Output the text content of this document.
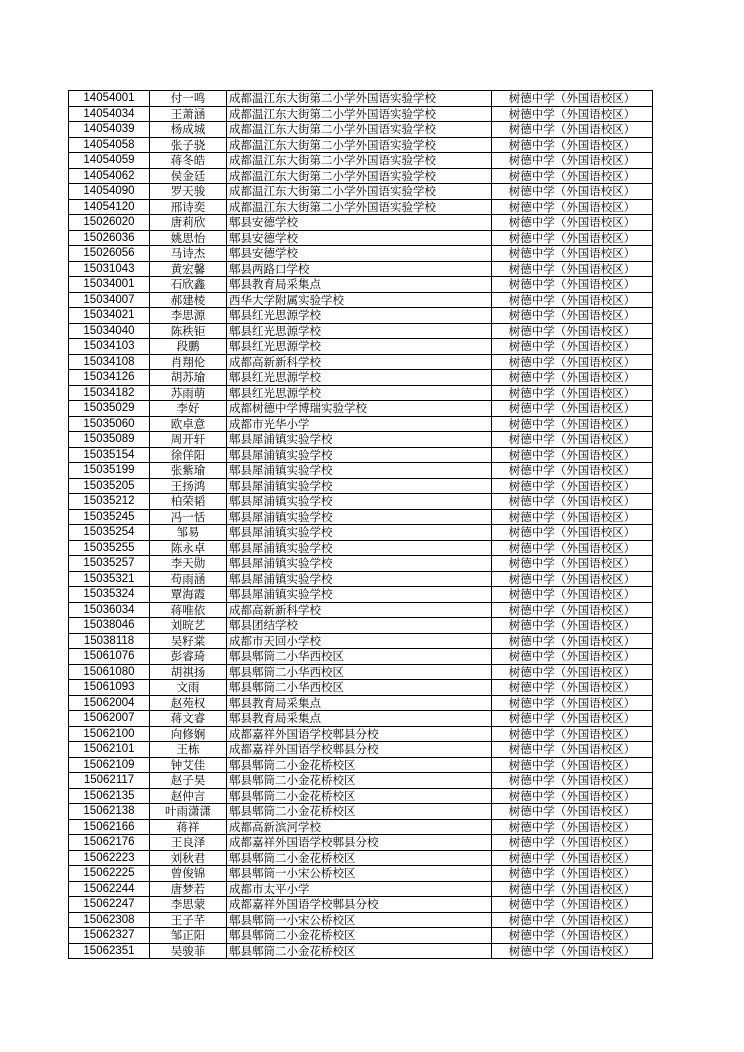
14054001	付一鸣	成都温江东大街第二小学外国语实验学校	树德中学（外国语校区）
14054034	王萧涵	成都温江东大街第二小学外国语实验学校	树德中学（外国语校区）
14054039	杨成城	成都温江东大街第二小学外国语实验学校	树德中学（外国语校区）
14054058	张子骁	成都温江东大街第二小学外国语实验学校	树德中学（外国语校区）
14054059	蒋冬皓	成都温江东大街第二小学外国语实验学校	树德中学（外国语校区）
14054062	侯金廷	成都温江东大街第二小学外国语实验学校	树德中学（外国语校区）
14054090	罗天骏	成都温江东大街第二小学外国语实验学校	树德中学（外国语校区）
14054120	邢诗奕	成都温江东大街第二小学外国语实验学校	树德中学（外国语校区）
15026020	唐莉欣	郫县安德学校	树德中学（外国语校区）
15026036	姚思怡	郫县安德学校	树德中学（外国语校区）
15026056	马诗杰	郫县安德学校	树德中学（外国语校区）
15031043	黄宏馨	郫县两路口学校	树德中学（外国语校区）
15034001	石欣鑫	郫县教育局采集点	树德中学（外国语校区）
15034007	郝建棱	西华大学附属实验学校	树德中学（外国语校区）
15034021	李思源	郫县红光思源学校	树德中学（外国语校区）
15034040	陈秩钜	郫县红光思源学校	树德中学（外国语校区）
15034103	段鹏	郫县红光思源学校	树德中学（外国语校区）
15034108	肖翔伦	成都高新新科学校	树德中学（外国语校区）
15034126	胡苏瑜	郫县红光思源学校	树德中学（外国语校区）
15034182	苏雨萌	郫县红光思源学校	树德中学（外国语校区）
15035029	李好	成都树德中学博瑞实验学校	树德中学（外国语校区）
15035060	欧卓意	成都市光华小学	树德中学（外国语校区）
15035089	周开轩	郫县犀浦镇实验学校	树德中学（外国语校区）
15035154	徐佯阳	郫县犀浦镇实验学校	树德中学（外国语校区）
15035199	张紫瑜	郫县犀浦镇实验学校	树德中学（外国语校区）
15035205	王扬鸿	郫县犀浦镇实验学校	树德中学（外国语校区）
15035212	柏荣韬	郫县犀浦镇实验学校	树德中学（外国语校区）
15035245	冯一恬	郫县犀浦镇实验学校	树德中学（外国语校区）
15035254	邹易	郫县犀浦镇实验学校	树德中学（外国语校区）
15035255	陈永卓	郫县犀浦镇实验学校	树德中学（外国语校区）
15035257	李天勋	郫县犀浦镇实验学校	树德中学（外国语校区）
15035321	苟雨涵	郫县犀浦镇实验学校	树德中学（外国语校区）
15035324	覃海霞	郫县犀浦镇实验学校	树德中学（外国语校区）
15036034	蒋唯依	成都高新新科学校	树德中学（外国语校区）
15038046	刘晥艺	郫县团结学校	树德中学（外国语校区）
15038118	吴籽棠	成都市天回小学校	树德中学（外国语校区）
15061076	彭睿琦	郫县郫筒二小华西校区	树德中学（外国语校区）
15061080	胡祺扬	郫县郫筒二小华西校区	树德中学（外国语校区）
15061093	文雨	郫县郫筒二小华西校区	树德中学（外国语校区）
15062004	赵苑权	郫县教育局采集点	树德中学（外国语校区）
15062007	蒋文睿	郫县教育局采集点	树德中学（外国语校区）
15062100	向修娴	成都嘉祥外国语学校郫县分校	树德中学（外国语校区）
15062101	王栋	成都嘉祥外国语学校郫县分校	树德中学（外国语校区）
15062109	钟艾佳	郫县郫筒二小金花桥校区	树德中学（外国语校区）
15062117	赵子昊	郫县郫筒二小金花桥校区	树德中学（外国语校区）
15062135	赵仲言	郫县郫筒二小金花桥校区	树德中学（外国语校区）
15062138	叶雨潇潇	郫县郫筒二小金花桥校区	树德中学（外国语校区）
15062166	蒋祥	成都高新滨河学校	树德中学（外国语校区）
15062176	王良泽	成都嘉祥外国语学校郫县分校	树德中学（外国语校区）
15062223	刘秋君	郫县郫筒二小金花桥校区	树德中学（外国语校区）
15062225	曾俊锦	郫县郫筒一小宋公桥校区	树德中学（外国语校区）
15062244	唐梦若	成都市太平小学	树德中学（外国语校区）
15062247	李思蒙	成都嘉祥外国语学校郫县分校	树德中学（外国语校区）
15062308	王子芊	郫县郫筒一小宋公桥校区	树德中学（外国语校区）
15062327	邹正阳	郫县郫筒二小金花桥校区	树德中学（外国语校区）
15062351	吴骏菲	郫县郫筒二小金花桥校区	树德中学（外国语校区）
